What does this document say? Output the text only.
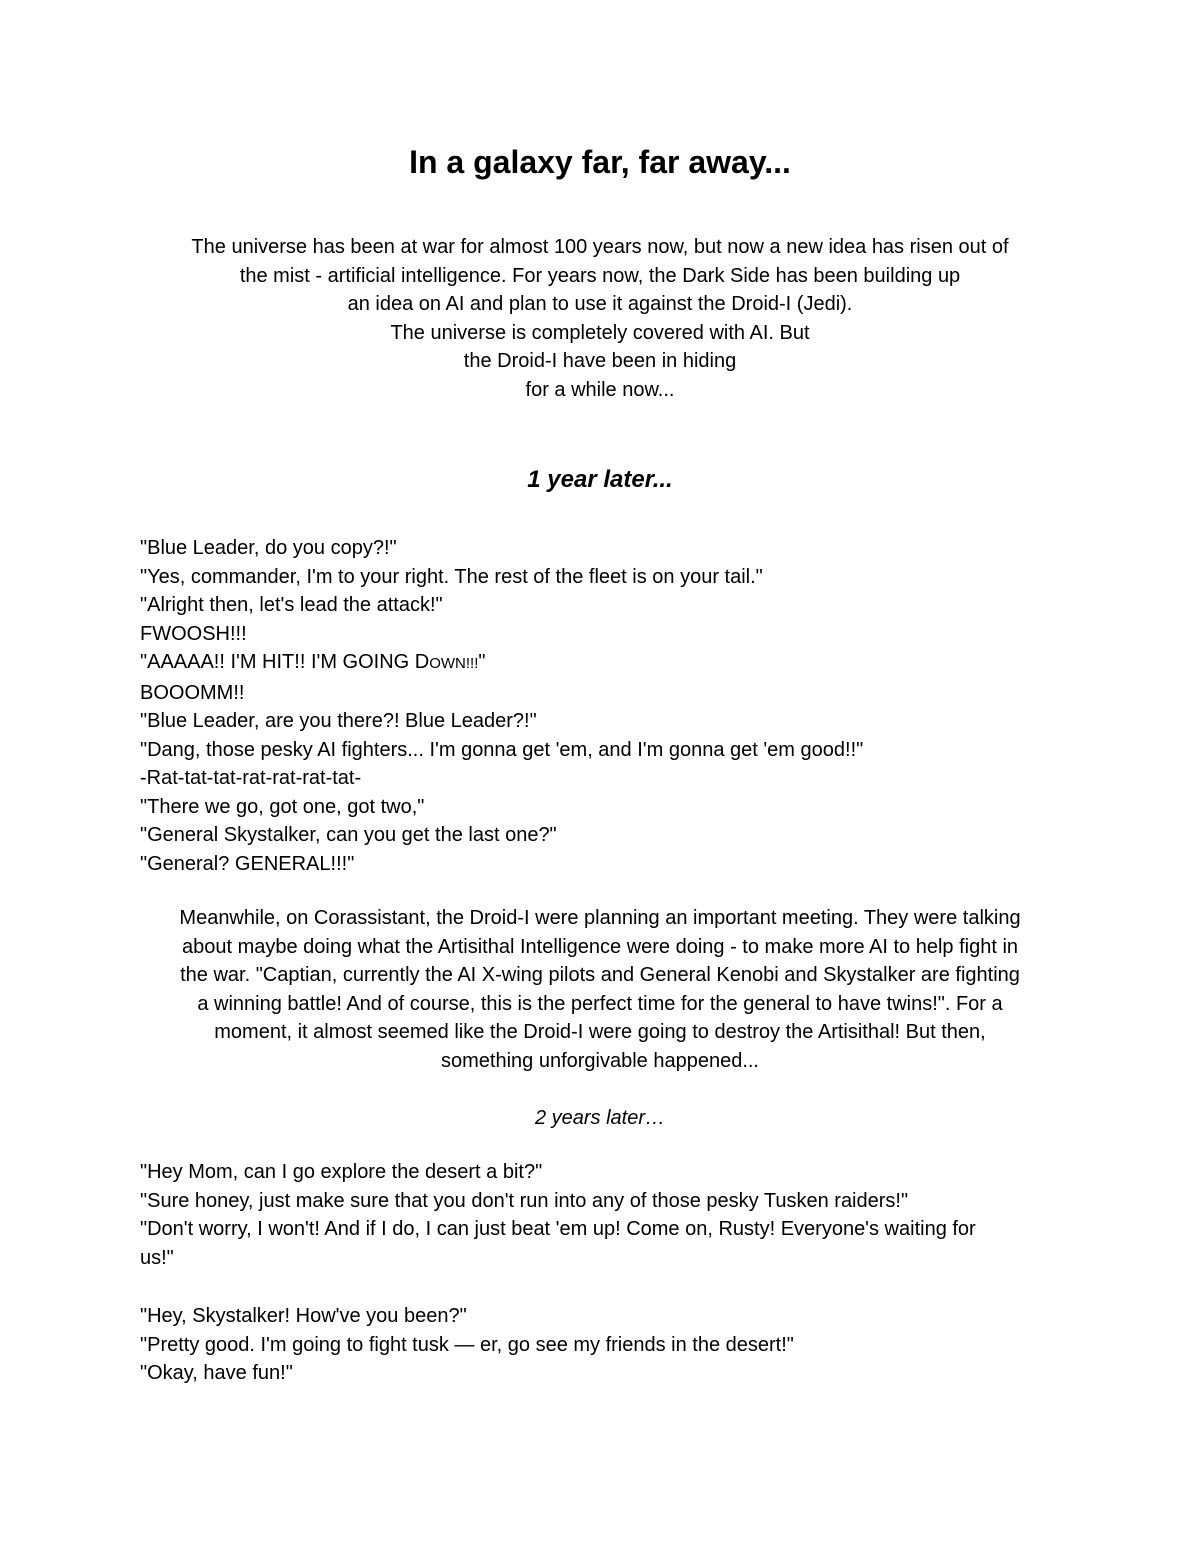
In a galaxy far, far away...
The universe has been at war for almost 100 years now, but now a new idea has risen out of
the mist - artificial intelligence. For years now, the Dark Side has been building up
an idea on AI and plan to use it against the Droid-I (Jedi).
The universe is completely covered with AI. But
the Droid-I have been in hiding
for a while now...
1 year later...
"Blue Leader, do you copy?!"
"Yes, commander, I'm to your right. The rest of the fleet is on your tail."
"Alright then, let's lead the attack!"
FWOOSH!!!
"AAAAA!! I'M HIT!! I'M GOING DOWN!!!"
BOOOMM!!
"Blue Leader, are you there?! Blue Leader?!"
"Dang, those pesky AI fighters... I'm gonna get 'em, and I'm gonna get 'em good!!"
-Rat-tat-tat-rat-rat-rat-tat-
"There we go, got one, got two,"
"General Skystalker, can you get the last one?"
"General? GENERAL!!!"
Meanwhile, on Corassistant, the Droid-I were planning an important meeting. They were talking
about maybe doing what the Artisithal Intelligence were doing - to make more AI to help fight in
the war. "Captian, currently the AI X-wing pilots and General Kenobi and Skystalker are fighting
a winning battle! And of course, this is the perfect time for the general to have twins!". For a
moment, it almost seemed like the Droid-I were going to destroy the Artisithal! But then,
something unforgivable happened...
2 years later…
"Hey Mom, can I go explore the desert a bit?"
"Sure honey, just make sure that you don't run into any of those pesky Tusken raiders!"
"Don't worry, I won't! And if I do, I can just beat 'em up! Come on, Rusty! Everyone's waiting for
us!"
"Hey, Skystalker! How've you been?"
"Pretty good. I'm going to fight tusk — er, go see my friends in the desert!"
"Okay, have fun!"
